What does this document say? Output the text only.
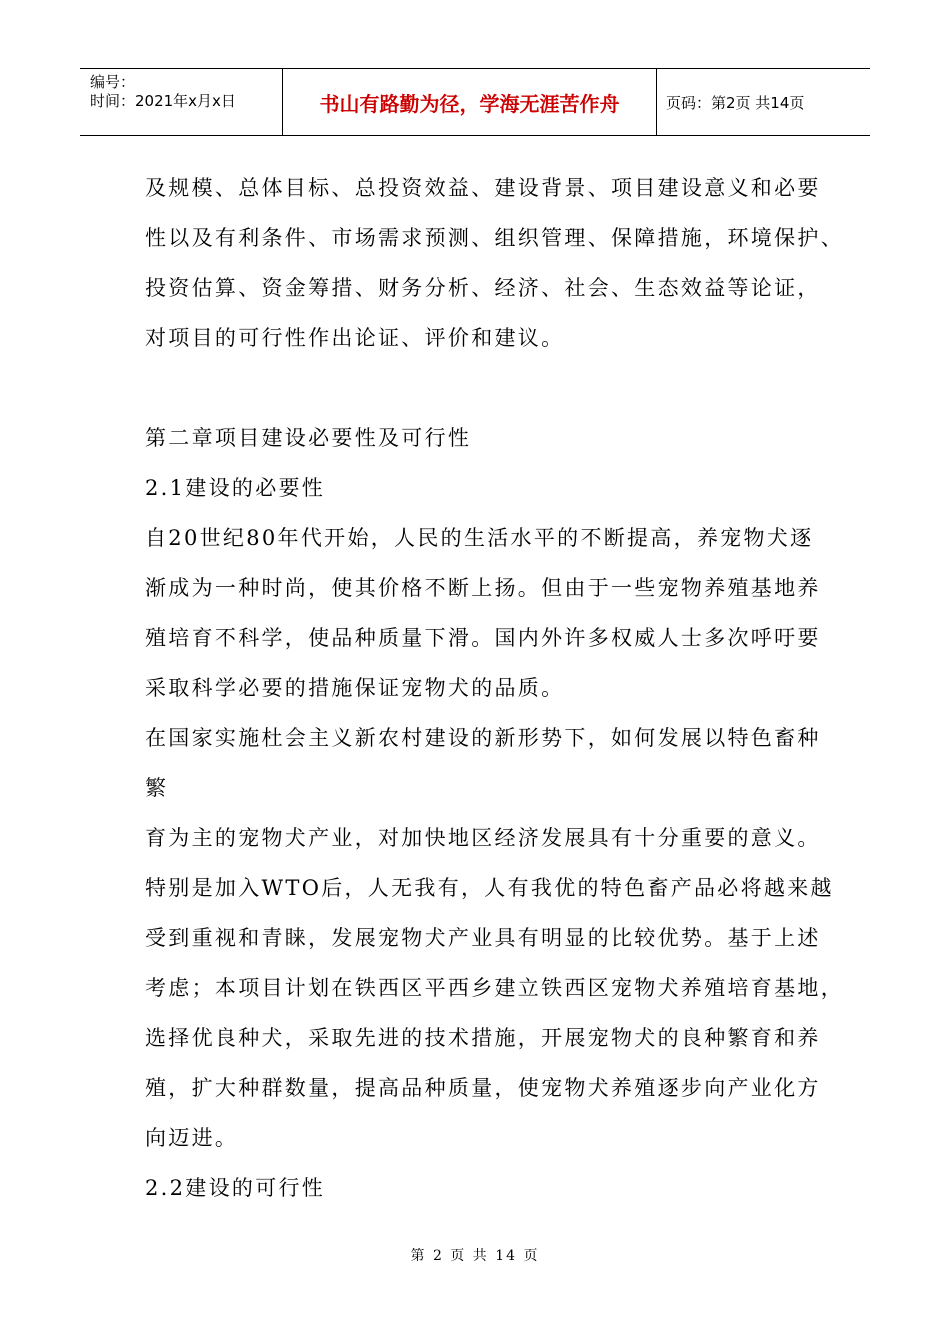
编号：
时间：2021年x月x日	书山有路勤为径，学海无涯苦作舟	页码：第2页 共14页
及规模、总体目标、总投资效益、建设背景、项目建设意义和必要
性以及有利条件、市场需求预测、组织管理、保障措施，环境保护、
投资估算、资金筹措、财务分析、经济、社会、生态效益等论证，
对项目的可行性作出论证、评价和建议。
第二章项目建设必要性及可行性
2.1建设的必要性
自20世纪80年代开始，人民的生活水平的不断提高，养宠物犬逐
渐成为一种时尚，使其价格不断上扬。但由于一些宠物养殖基地养
殖培育不科学，使品种质量下滑。国内外许多权威人士多次呼吁要
采取科学必要的措施保证宠物犬的品质。
在国家实施杜会主义新农村建设的新形势下，如何发展以特色畜种
繁
育为主的宠物犬产业，对加快地区经济发展具有十分重要的意义。
特别是加入WTO后，人无我有，人有我优的特色畜产品必将越来越
受到重视和青睐，发展宠物犬产业具有明显的比较优势。基于上述
考虑；本项目计划在铁西区平西乡建立铁西区宠物犬养殖培育基地，
选择优良种犬，采取先进的技术措施，开展宠物犬的良种繁育和养
殖，扩大种群数量，提高品种质量，使宠物犬养殖逐步向产业化方
向迈进。
2.2建设的可行性
第 2 页 共 14 页
